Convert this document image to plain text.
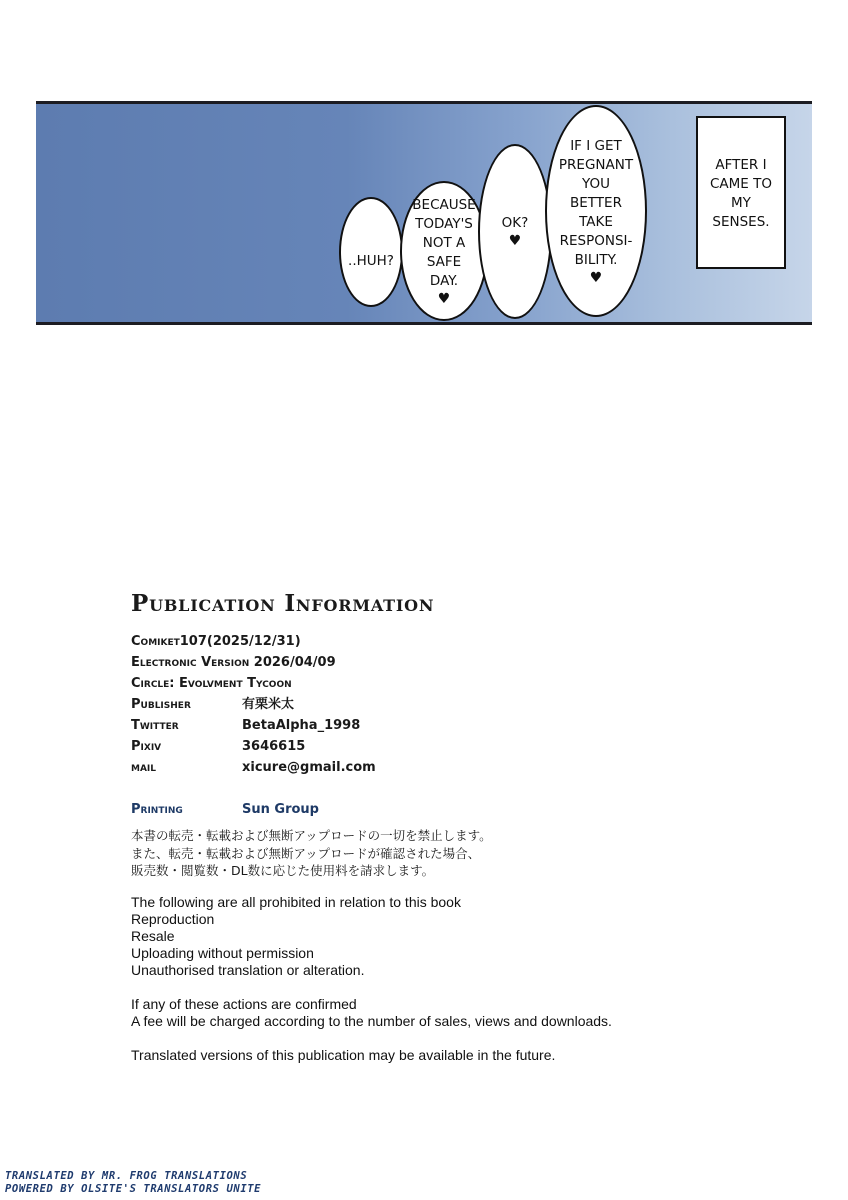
..HUH?

BECAUSE
TODAY'S
NOT A
SAFE
DAY.

♥

OK?

♥

IF I GET
PREGNANT
YOU
BETTER
TAKE
RESPONSI-
BILITY.

♥

AFTER I
CAME TO
MY
SENSES.
Publication Information
Comiket107(2025/12/31)
Electronic Version 2026/04/09
Circle: Evolvment Tycoon
Publisher	有栗米太
Twitter	BetaAlpha_1998
Pixiv	3646615
mail	xicure@gmail.com
Printing	Sun Group
本書の転売・転載および無断アップロードの一切を禁止します。
また、転売・転載および無断アップロードが確認された場合、
販売数・閲覧数・DL数に応じた使用料を請求します。
The following are all prohibited in relation to this book
Reproduction
Resale
Uploading without permission
Unauthorised translation or alteration.
If any of these actions are confirmed
A fee will be charged according to the number of sales, views and downloads.
Translated versions of this publication may be available in the future.
TRANSLATED BY MR. FROG TRANSLATIONS
POWERED BY OLSITE'S TRANSLATORS UNITE
